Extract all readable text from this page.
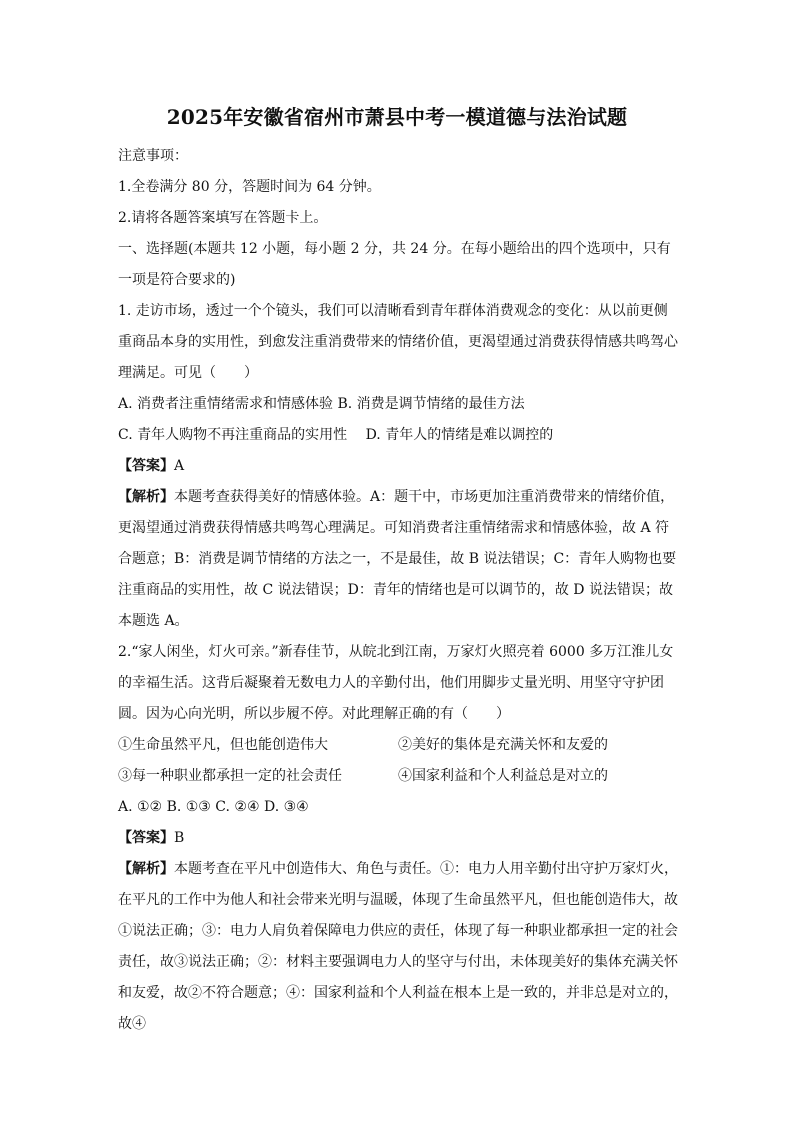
2025年安徽省宿州市萧县中考一模道德与法治试题

注意事项：

1.全卷满分 80 分，答题时间为 64 分钟。

2.请将各题答案填写在答题卡上。

一、选择题(本题共 12 小题，每小题 2 分，共 24 分。在每小题给出的四个选项中，只有一项是符合要求的)

1. 走访市场，透过一个个镜头，我们可以清晰看到青年群体消费观念的变化：从以前更侧重商品本身的实用性，到愈发注重消费带来的情绪价值，更渴望通过消费获得情感共鸣驾心理满足。可见（　　）

A. 消费者注重情绪需求和情感体验 B. 消费是调节情绪的最佳方法

C. 青年人购物不再注重商品的实用性　 D. 青年人的情绪是难以调控的

【答案】A

【解析】本题考查获得美好的情感体验。A：题干中，市场更加注重消费带来的情绪价值，更渴望通过消费获得情感共鸣驾心理满足。可知消费者注重情绪需求和情感体验，故 A 符合题意；B：消费是调节情绪的方法之一，不是最佳，故 B 说法错误；C：青年人购物也要注重商品的实用性，故 C 说法错误；D：青年的情绪也是可以调节的，故 D 说法错误；故本题选 A。

2.“家人闲坐，灯火可亲。”新春佳节，从皖北到江南，万家灯火照亮着 6000 多万江淮儿女的幸福生活。这背后凝聚着无数电力人的辛勤付出，他们用脚步丈量光明、用坚守守护团圆。因为心向光明，所以步履不停。对此理解正确的有（　　）

①生命虽然平凡，但也能创造伟大	②美好的集体是充满关怀和友爱的
③每一种职业都承担一定的社会责任	④国家利益和个人利益总是对立的

A. ①② B. ①③ C. ②④ D. ③④

【答案】B

【解析】本题考查在平凡中创造伟大、角色与责任。①：电力人用辛勤付出守护万家灯火，在平凡的工作中为他人和社会带来光明与温暖，体现了生命虽然平凡，但也能创造伟大，故①说法正确；③：电力人肩负着保障电力供应的责任，体现了每一种职业都承担一定的社会责任，故③说法正确；②：材料主要强调电力人的坚守与付出，未体现美好的集体充满关怀和友爱，故②不符合题意；④：国家利益和个人利益在根本上是一致的，并非总是对立的，故④
